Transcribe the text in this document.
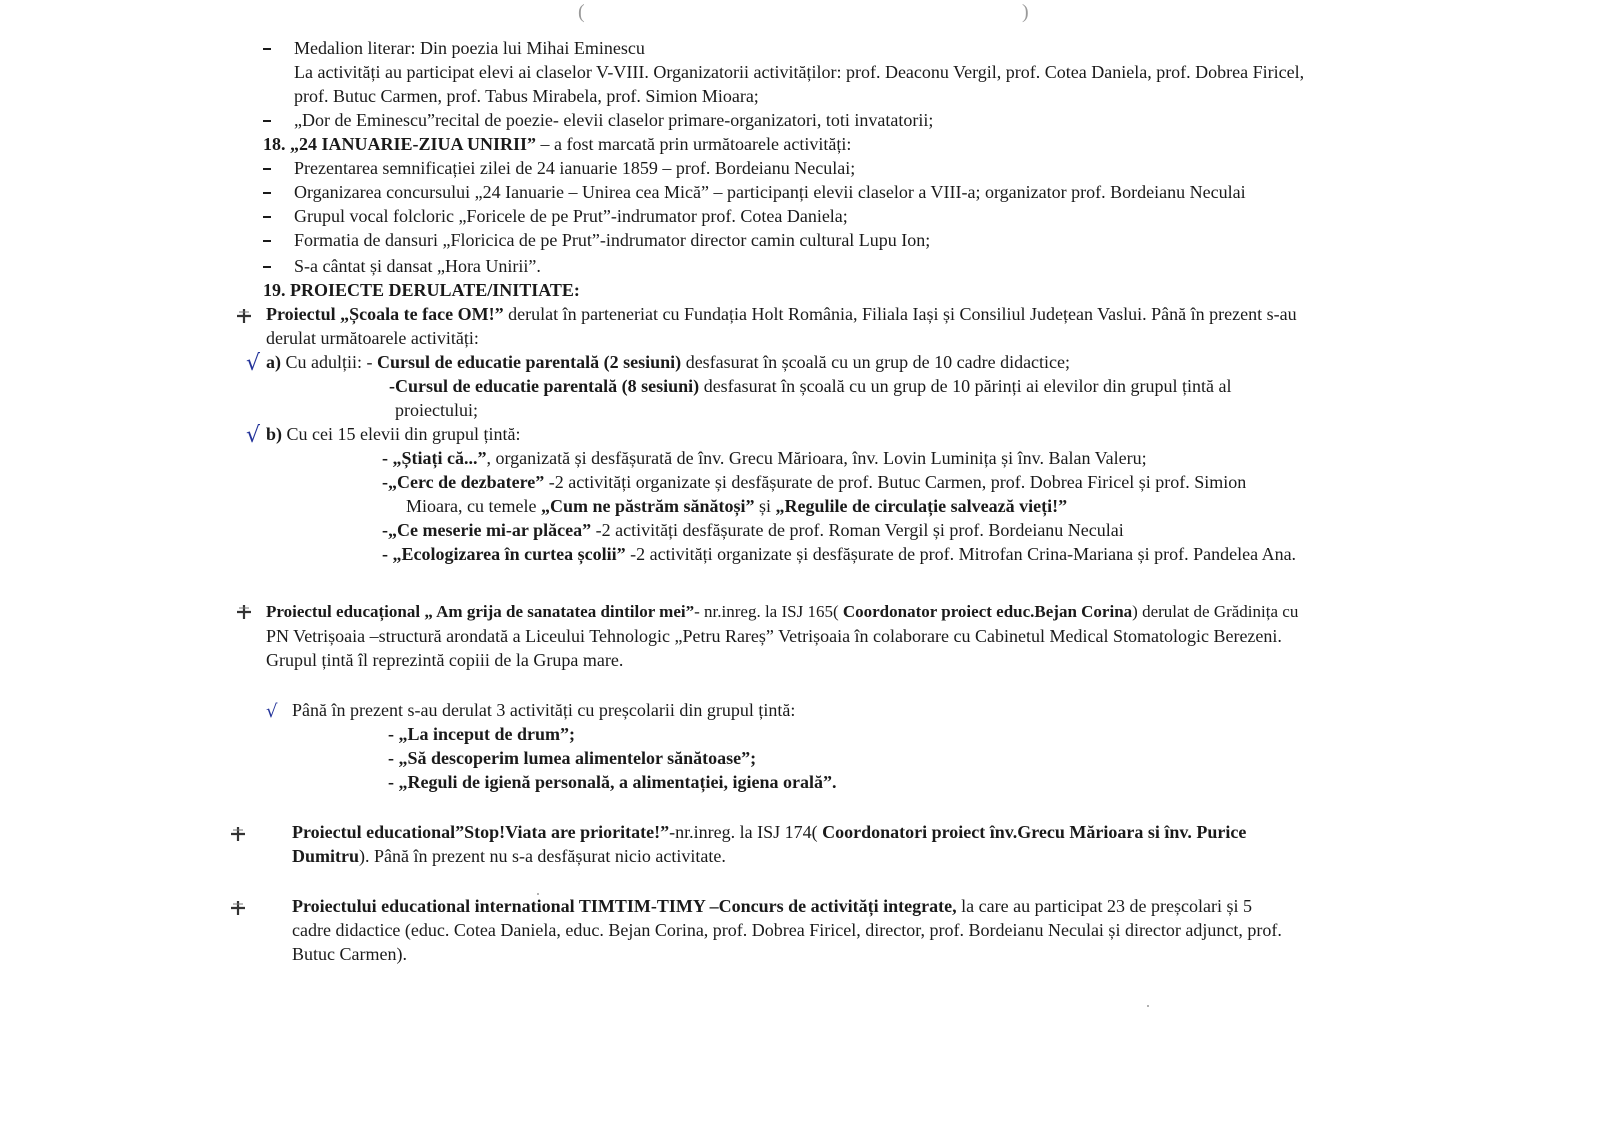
(	)
Medalion literar: Din poezia lui Mihai Eminescu
La activități au participat elevi ai claselor V-VIII. Organizatorii activităților: prof. Deaconu Vergil, prof. Cotea Daniela, prof. Dobrea Firicel,
prof. Butuc Carmen, prof. Tabus Mirabela, prof. Simion Mioara;
„Dor de Eminescu”recital de poezie- elevii claselor primare-organizatori, toti invatatorii;
18. „24 IANUARIE-ZIUA UNIRII” – a fost marcată prin următoarele activități:
Prezentarea semnificației zilei de 24 ianuarie 1859 – prof. Bordeianu Neculai;
Organizarea concursului „24 Ianuarie – Unirea cea Mică” – participanți elevii claselor a VIII-a; organizator prof. Bordeianu Neculai
Grupul vocal folcloric „Foricele de pe Prut”-indrumator prof. Cotea Daniela;
Formatia de dansuri „Floricica de pe Prut”-indrumator director camin cultural Lupu Ion;
S-a cântat și dansat „Hora Unirii”.
19. PROIECTE DERULATE/INITIATE:
Proiectul „Școala te face OM!” derulat în parteneriat cu Fundația Holt România, Filiala Iași și Consiliul Județean Vaslui. Până în prezent s-au
derulat următoarele activități:
√ a) Cu adulții: - Cursul de educatie parentală (2 sesiuni) desfasurat în școală cu un grup de 10 cadre didactice;
-Cursul de educatie parentală (8 sesiuni) desfasurat în școală cu un grup de 10 părinți ai elevilor din grupul țintă al
proiectului;
√ b) Cu cei 15 elevii din grupul țintă:
- „Știați că...”, organizată și desfășurată de înv. Grecu Mărioara, înv. Lovin Luminița și înv. Balan Valeru;
-„Cerc de dezbatere” -2 activități organizate și desfășurate de prof. Butuc Carmen, prof. Dobrea Firicel și prof. Simion
Mioara, cu temele „Cum ne păstrăm sănătoși” și „Regulile de circulație salvează vieți!”
-„Ce meserie mi-ar plăcea” -2 activități desfășurate de prof. Roman Vergil și prof. Bordeianu Neculai
- „Ecologizarea în curtea școlii” -2 activități organizate și desfășurate de prof. Mitrofan Crina-Mariana și prof. Pandelea Ana.
Proiectul educațional „ Am grija de sanatatea dintilor mei”- nr.inreg. la ISJ 165( Coordonator proiect educ.Bejan Corina) derulat de Grădinița cu
PN Vetrișoaia –structură arondată a Liceului Tehnologic „Petru Rareș” Vetrișoaia în colaborare cu Cabinetul Medical Stomatologic Berezeni.
Grupul țintă îl reprezintă copiii de la Grupa mare.
√ Până în prezent s-au derulat 3 activități cu preșcolarii din grupul țintă:
- „La inceput de drum”;
- „Să descoperim lumea alimentelor sănătoase”;
- „Reguli de igienă personală, a alimentației, igiena orală”.
Proiectul educational”Stop!Viata are prioritate!”-nr.inreg. la ISJ 174( Coordonatori proiect înv.Grecu Mărioara si înv. Purice
Dumitru). Până în prezent nu s-a desfășurat nicio activitate.
Proiectului educational international TIMTIM-TIMY –Concurs de activități integrate, la care au participat 23 de preșcolari și 5
cadre didactice (educ. Cotea Daniela, educ. Bejan Corina, prof. Dobrea Firicel, director, prof. Bordeianu Neculai și director adjunct, prof.
Butuc Carmen).
